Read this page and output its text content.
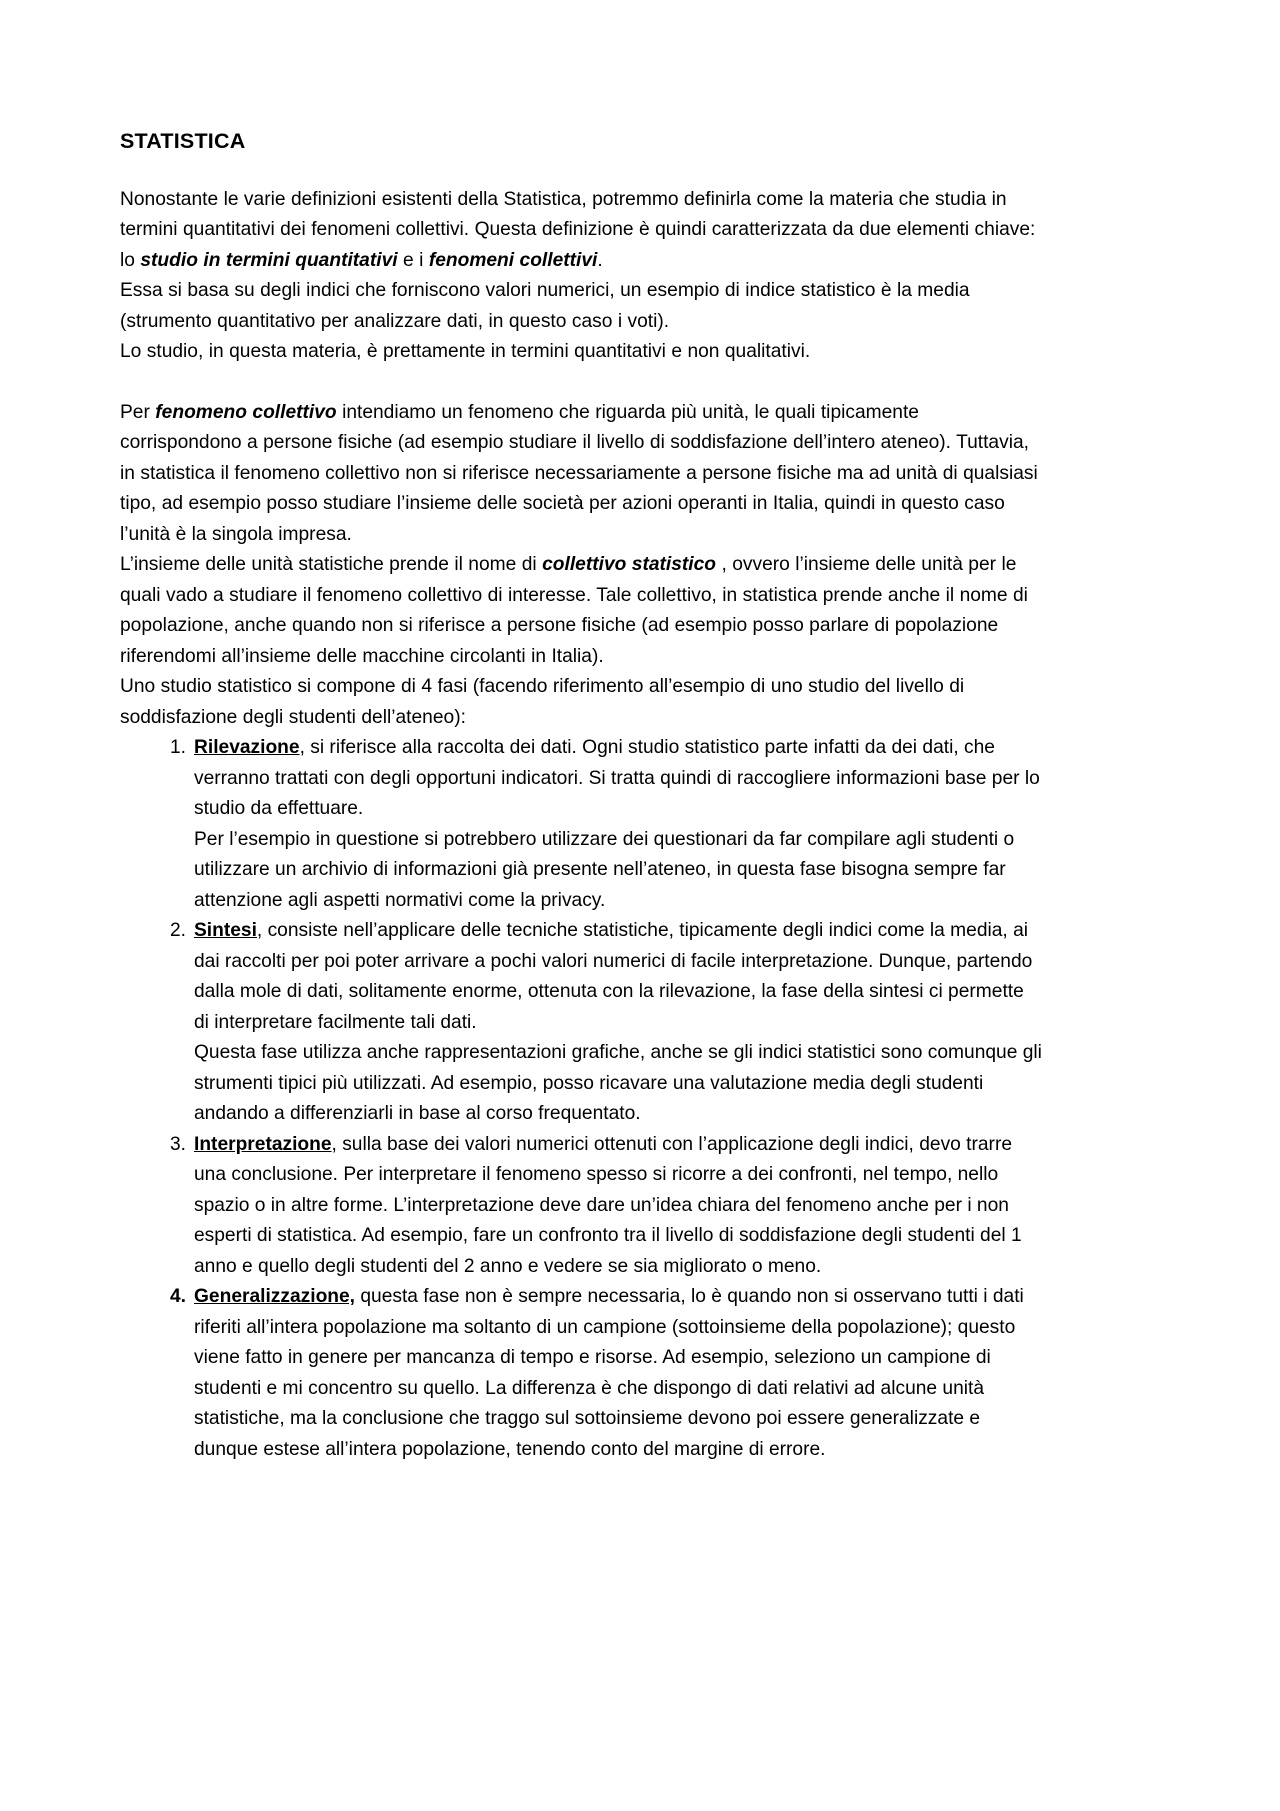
STATISTICA

Nonostante le varie definizioni esistenti della Statistica, potremmo definirla come la materia che studia in termini quantitativi dei fenomeni collettivi. Questa definizione è quindi caratterizzata da due elementi chiave: lo studio in termini quantitativi e i fenomeni collettivi.

Essa si basa su degli indici che forniscono valori numerici, un esempio di indice statistico è la media (strumento quantitativo per analizzare dati, in questo caso i voti).

Lo studio, in questa materia, è prettamente in termini quantitativi e non qualitativi.

Per fenomeno collettivo intendiamo un fenomeno che riguarda più unità, le quali tipicamente corrispondono a persone fisiche (ad esempio studiare il livello di soddisfazione dell’intero ateneo). Tuttavia, in statistica il fenomeno collettivo non si riferisce necessariamente a persone fisiche ma ad unità di qualsiasi tipo, ad esempio posso studiare l’insieme delle società per azioni operanti in Italia, quindi in questo caso l’unità è la singola impresa.

L’insieme delle unità statistiche prende il nome di collettivo statistico , ovvero l’insieme delle unità per le quali vado a studiare il fenomeno collettivo di interesse. Tale collettivo, in statistica prende anche il nome di popolazione, anche quando non si riferisce a persone fisiche (ad esempio posso parlare di popolazione riferendomi all’insieme delle macchine circolanti in Italia).

Uno studio statistico si compone di 4 fasi (facendo riferimento all’esempio di uno studio del livello di soddisfazione degli studenti dell’ateneo):

1. Rilevazione, si riferisce alla raccolta dei dati. Ogni studio statistico parte infatti da dei dati, che verranno trattati con degli opportuni indicatori. Si tratta quindi di raccogliere informazioni base per lo studio da effettuare.
Per l’esempio in questione si potrebbero utilizzare dei questionari da far compilare agli studenti o utilizzare un archivio di informazioni già presente nell’ateneo, in questa fase bisogna sempre far attenzione agli aspetti normativi come la privacy.
2. Sintesi, consiste nell’applicare delle tecniche statistiche, tipicamente degli indici come la media, ai dai raccolti per poi poter arrivare a pochi valori numerici di facile interpretazione. Dunque, partendo dalla mole di dati, solitamente enorme, ottenuta con la rilevazione, la fase della sintesi ci permette di interpretare facilmente tali dati.
Questa fase utilizza anche rappresentazioni grafiche, anche se gli indici statistici sono comunque gli strumenti tipici più utilizzati. Ad esempio, posso ricavare una valutazione media degli studenti andando a differenziarli in base al corso frequentato.
3. Interpretazione, sulla base dei valori numerici ottenuti con l’applicazione degli indici, devo trarre una conclusione. Per interpretare il fenomeno spesso si ricorre a dei confronti, nel tempo, nello spazio o in altre forme. L’interpretazione deve dare un’idea chiara del fenomeno anche per i non esperti di statistica. Ad esempio, fare un confronto tra il livello di soddisfazione degli studenti del 1 anno e quello degli studenti del 2 anno e vedere se sia migliorato o meno.
4. Generalizzazione, questa fase non è sempre necessaria, lo è quando non si osservano tutti i dati riferiti all’intera popolazione ma soltanto di un campione (sottoinsieme della popolazione); questo viene fatto in genere per mancanza di tempo e risorse. Ad esempio, seleziono un campione di studenti e mi concentro su quello. La differenza è che dispongo di dati relativi ad alcune unità statistiche, ma la conclusione che traggo sul sottoinsieme devono poi essere generalizzate e dunque estese all’intera popolazione, tenendo conto del margine di errore.
